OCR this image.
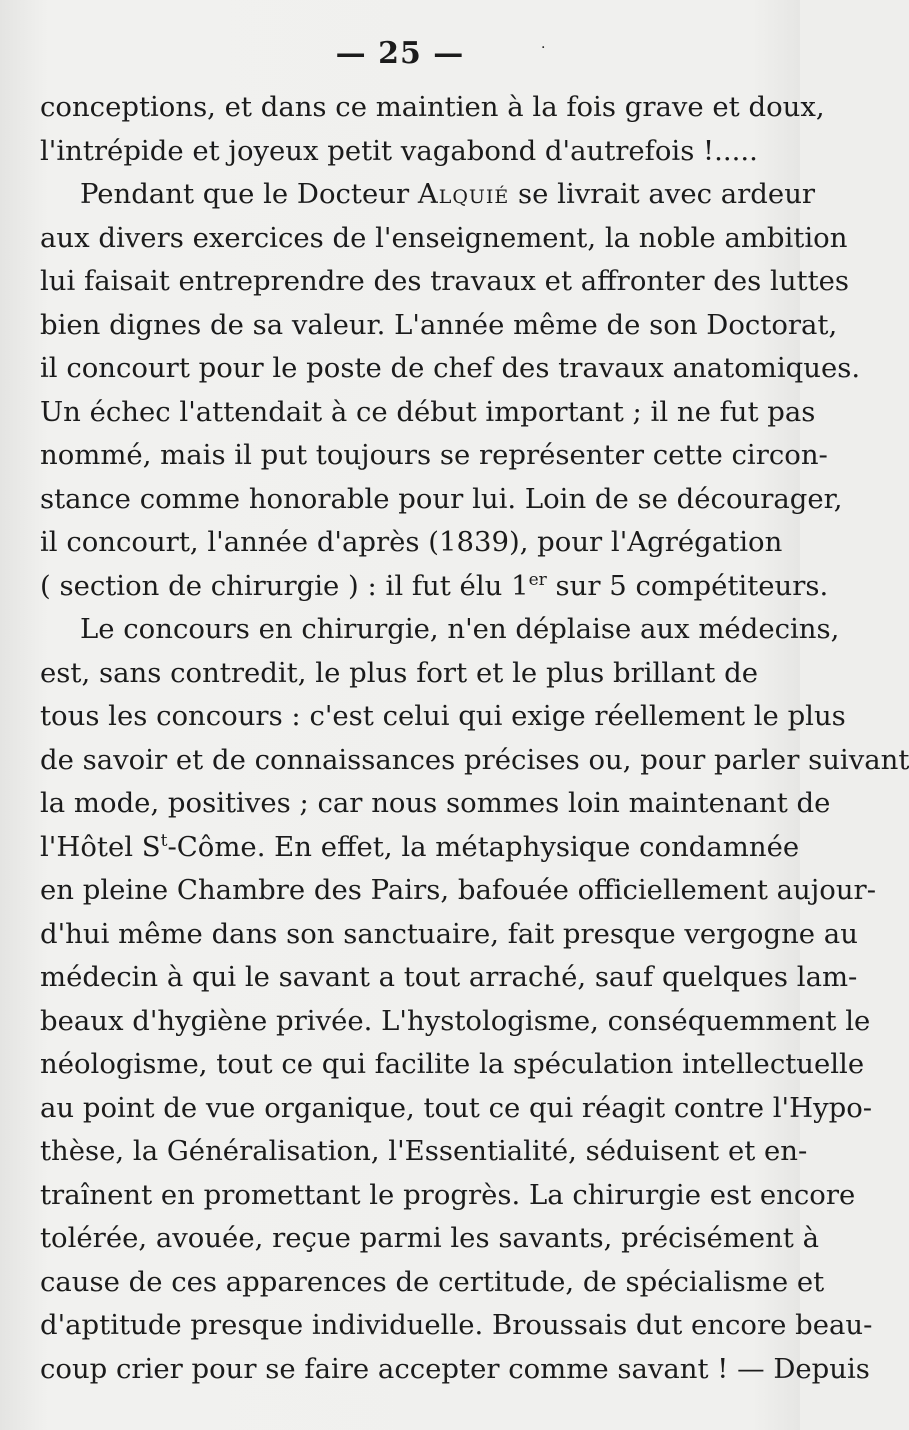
— 25 —	·
conceptions, et dans ce maintien à la fois grave et doux,
l'intrépide et joyeux petit vagabond d'autrefois !.....
Pendant que le Docteur Alquié se livrait avec ardeur
aux divers exercices de l'enseignement, la noble ambition
lui faisait entreprendre des travaux et affronter des luttes
bien dignes de sa valeur. L'année même de son Doctorat,
il concourt pour le poste de chef des travaux anatomiques.
Un échec l'attendait à ce début important ; il ne fut pas
nommé, mais il put toujours se représenter cette circon-
stance comme honorable pour lui. Loin de se décourager,
il concourt, l'année d'après (1839), pour l'Agrégation
( section de chirurgie ) : il fut élu 1er sur 5 compétiteurs.
Le concours en chirurgie, n'en déplaise aux médecins,
est, sans contredit, le plus fort et le plus brillant de
tous les concours : c'est celui qui exige réellement le plus
de savoir et de connaissances précises ou, pour parler suivant
la mode, positives ; car nous sommes loin maintenant de
l'Hôtel $S^t$-Côme. En effet, la métaphysique condamnée
en pleine Chambre des Pairs, bafouée officiellement aujour-
d'hui même dans son sanctuaire, fait presque vergogne au
médecin à qui le savant a tout arraché, sauf quelques lam-
beaux d'hygiène privée. L'hystologisme, conséquemment le
néologisme, tout ce qui facilite la spéculation intellectuelle
au point de vue organique, tout ce qui réagit contre l'Hypo-
thèse, la Généralisation, l'Essentialité, séduisent et en-
traînent en promettant le progrès. La chirurgie est encore
tolérée, avouée, reçue parmi les savants, précisément à
cause de ces apparences de certitude, de spécialisme et
d'aptitude presque individuelle. Broussais dut encore beau-
coup crier pour se faire accepter comme savant ! — Depuis
